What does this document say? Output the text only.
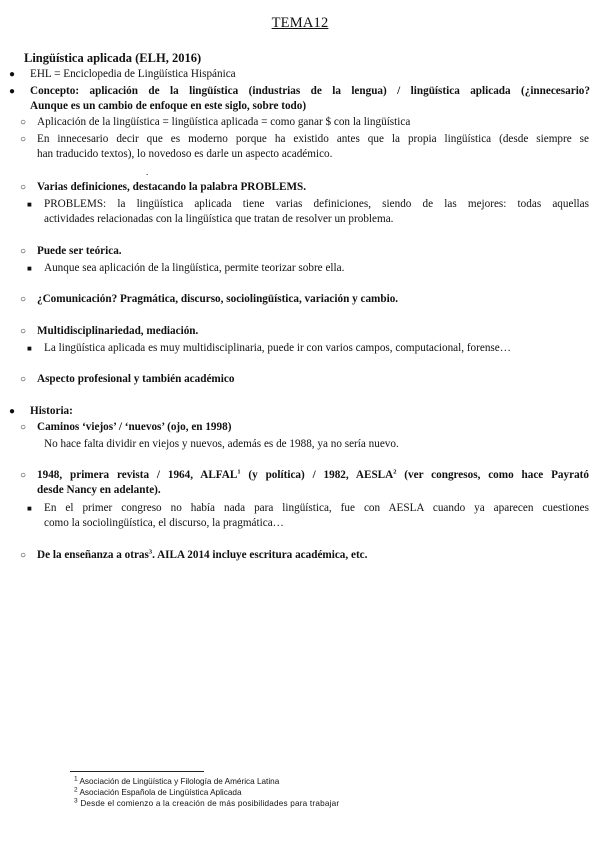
TEMA12
Lingüística aplicada (ELH, 2016)
●
●
○
○
○
■
○
■
○
○
■
○
●
○
○
■
○
EHL = Enciclopedia de Lingüística Hispánica
Concepto: aplicación de la lingüística (industrias de la lengua) / lingüística aplicada (¿innecesario?
Aunque es un cambio de enfoque en este siglo, sobre todo)
Aplicación de la lingüística = lingüística aplicada = como ganar $ con la lingüística
En innecesario decir que es moderno porque ha existido antes que la propia lingüística (desde siempre se
han traducido textos), lo novedoso es darle un aspecto académico.
.
Varias definiciones, destacando la palabra PROBLEMS.
PROBLEMS: la lingüística aplicada tiene varias definiciones, siendo de las mejores: todas aquellas
actividades relacionadas con la lingüística que tratan de resolver un problema.
Puede ser teórica.
Aunque sea aplicación de la lingüística, permite teorizar sobre ella.
¿Comunicación? Pragmática, discurso, sociolingüística, variación y cambio.
Multidisciplinariedad, mediación.
La lingüística aplicada es muy multidisciplinaria, puede ir con varios campos, computacional, forense…
Aspecto profesional y también académico
Historia:
Caminos ‘viejos’ / ‘nuevos’ (ojo, en 1998)
No hace falta dividir en viejos y nuevos, además es de 1988, ya no sería nuevo.
1948, primera revista / 1964, ALFAL$^1$ (y política) / 1982, AESLA$^2$ (ver congresos, como hace Payrató
desde Nancy en adelante).
En el primer congreso no había nada para lingüística, fue con AESLA cuando ya aparecen cuestiones
como la sociolingüística, el discurso, la pragmática…
De la enseñanza a otras$^3$. AILA 2014 incluye escritura académica, etc.
$^1$ Asociación de Lingüística y Filología de América Latina
$^2$ Asociación Española de Lingüística Aplicada
$^3$ Desde el comienzo a la creación de más posibilidades para trabajar
